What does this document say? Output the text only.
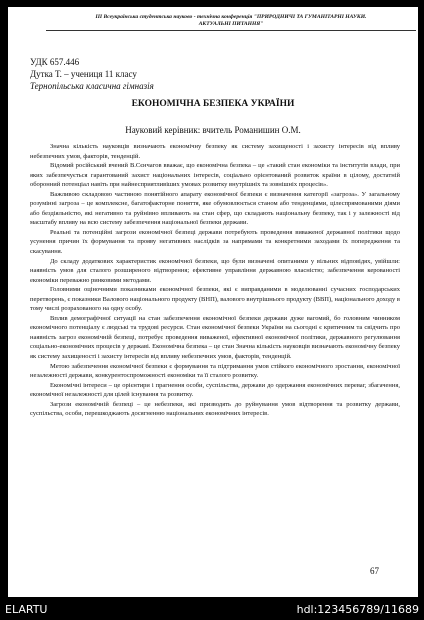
III Всеукраїнська студентська науково - технічна конференція "ПРИРОДНИЧІ ТА ГУМАНІТАРНІ НАУКИ.
АКТУАЛЬНІ ПИТАННЯ"
УДК 657.446
Дутка Т. – учениця 11 класу
Тернопільська класична гімназія
ЕКОНОМІЧНА БЕЗПЕКА УКРАЇНИ
Науковий керівник: вчитель Романишин О.М.

Значна кількість науковців визначають економічну безпеку як систему захищеності і захисту інтересів від впливу небезпечних умов, факторів, тенденцій.

Відомий російський вчений В.Сєнчагов вважає, що економічна безпека – це «такий стан економіки та інститутів влади, при яких забезпечується гарантований захист національних інтересів, соціально орієнтований розвиток країни в цілому, достатній оборонний потенціал навіть при найнесприятливіших умовах розвитку внутрішніх та зовнішніх процесів».

Важливою складовою частиною понятійного апарату економічної безпеки є визначення категорії «загроза». У загальному розумінні загроза – це комплексне, багатофакторне поняття, яке обумовлюється станом або тенденціями, цілеспрямованими діями або бездіяльністю, які негативно та руйнівно впливають на стан сфер, що складають національну безпеку, так і у залежності від масштабу впливу на всю систему забезпечення національної безпеки держави.

Реальні та потенційні загрози економічної безпеці держави потребують проведення виваженої державної політики щодо усунення причин їх формування та прояву негативних наслідків за напрямами та конкретними заходами їх попередження та скасування.

До складу додаткових характеристик економічної безпеки, що були визначені опитаними у вільних відповідях, увійшли: наявність умов для сталого розширеного відтворення; ефективне управління державною власністю; забезпечення керованості економіки переважно ринковими методами.

Головними оціночними показниками економічної безпеки, які є виправданими в моделюванні сучасних господарських перетворень, є показники Валового національного продукту (ВНП), валового внутрішнього продукту (ВВП), національного доходу в тому числі розрахованого на одну особу.

Вплив демографічної ситуації на стан забезпечення економічної безпеки держави дуже вагомий, бо головним чинником економічного потенціалу є людські та трудові ресурси. Стан економічної безпеки України на сьогодні є критичним та свідчить про наявність загроз економічній безпеці, потребує проведення виваженої, ефективної економічної політики, державного регулювання соціально-економічних процесів у державі. Економічна безпека – це стан Значна кількість науковців визначають економічну безпеку як систему захищеності і захисту інтересів від впливу небезпечних умов, факторів, тенденцій.

Метою забезпечення економічної безпеки є формування та підтримання умов стійкого економічного зростання, економічної незалежності держави, конкурентоспроможності економіки та її сталого розвитку.

Економічні інтереси – це орієнтири і прагнення особи, суспільства, держави до одержання економічних переваг, збагачення, економічної незалежності для цілей існування та розвитку.

Загрози економічній безпеці – це небезпеки, які призводять до руйнування умов відтворення та розвитку держави, суспільства, особи, перешкоджають досягненню національних економічних інтересів.

67
ELARTU	hdl:123456789/11689
